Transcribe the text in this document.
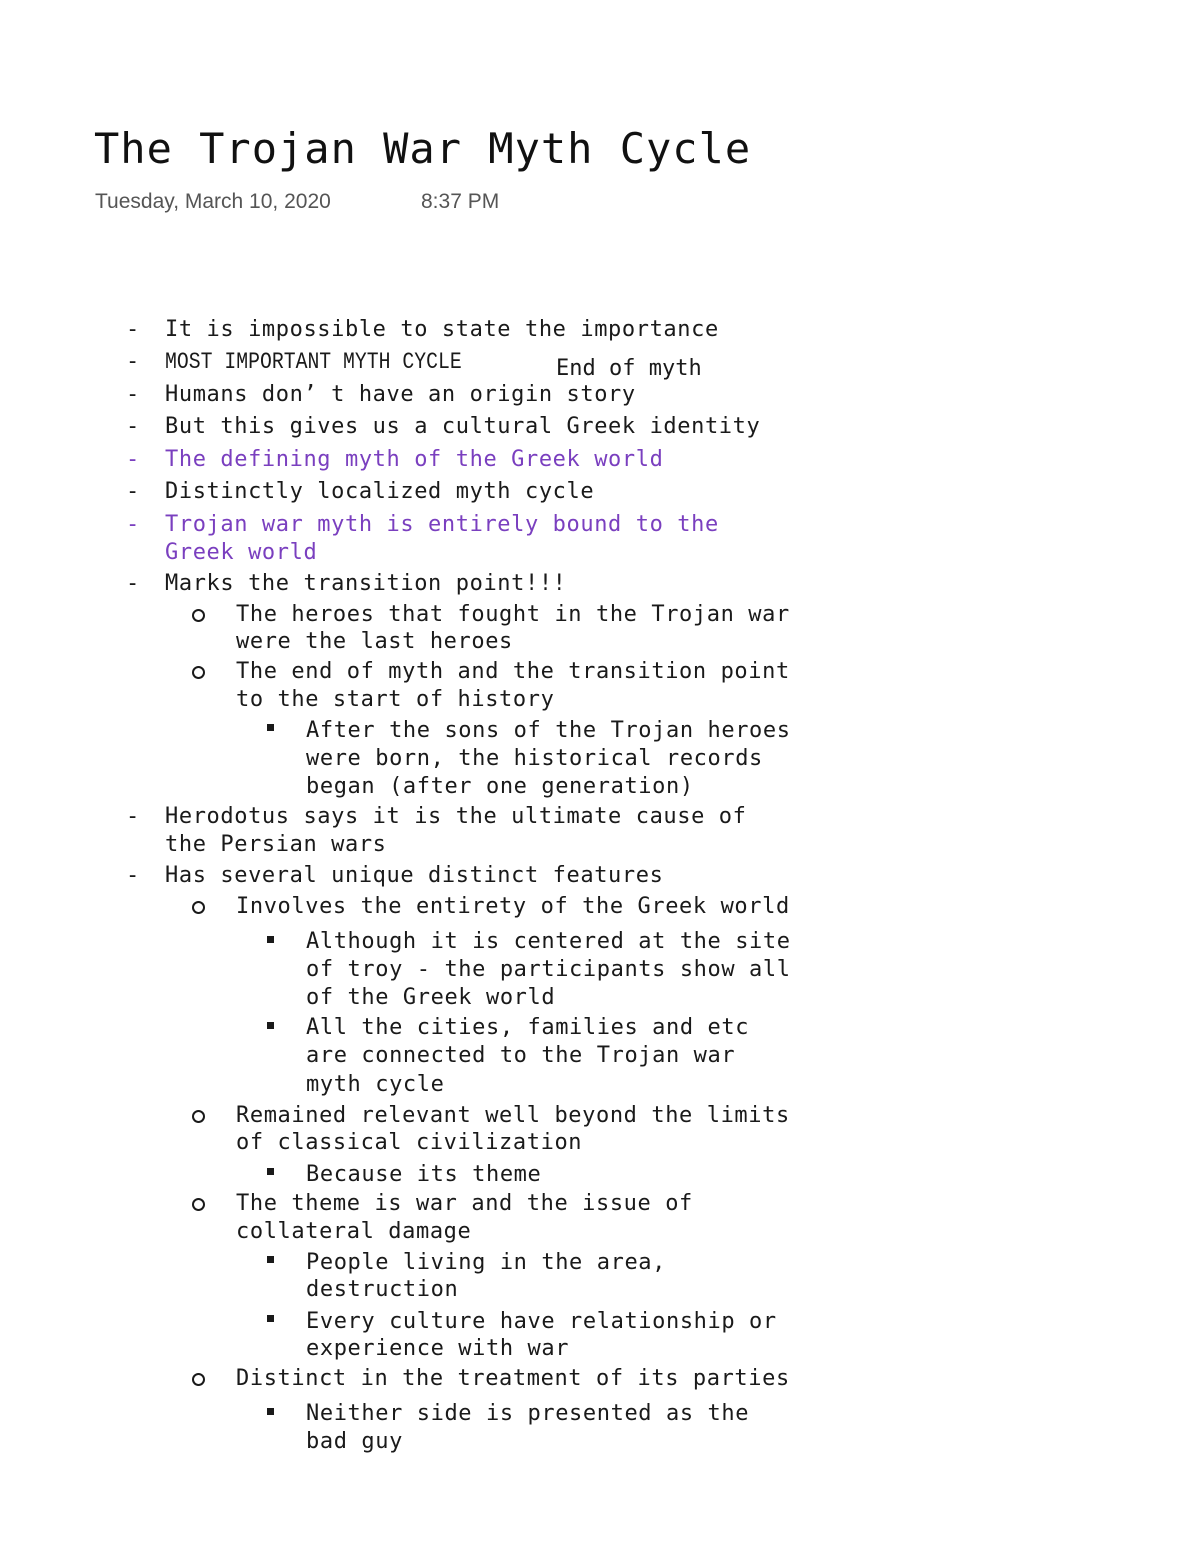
The Trojan War Myth Cycle
Tuesday, March 10, 2020	8:37 PM
- It is impossible to state the importance
- MOST IMPORTANT MYTH CYCLE	End of myth
- Humans don’ t have an origin story
- But this gives us a cultural Greek identity
- The defining myth of the Greek world
- Distinctly localized myth cycle
- Trojan war myth is entirely bound to the
Greek world
- Marks the transition point!!!
The heroes that fought in the Trojan war
were the last heroes
The end of myth and the transition point
to the start of history
After the sons of the Trojan heroes
were born, the historical records
began (after one generation)
- Herodotus says it is the ultimate cause of
the Persian wars
- Has several unique distinct features
Involves the entirety of the Greek world
Although it is centered at the site
of troy - the participants show all
of the Greek world
All the cities, families and etc
are connected to the Trojan war
myth cycle
Remained relevant well beyond the limits
of classical civilization
Because its theme
The theme is war and the issue of
collateral damage
People living in the area,
destruction
Every culture have relationship or
experience with war
Distinct in the treatment of its parties
Neither side is presented as the
bad guy
